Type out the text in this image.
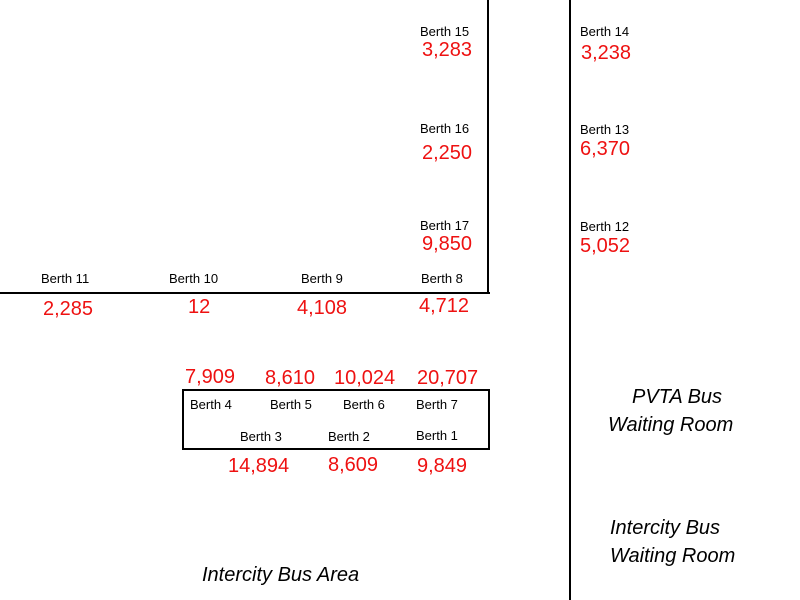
Berth 15
3,283
Berth 16
2,250
Berth 17
9,850
Berth 14
3,238
Berth 13
6,370
Berth 12
5,052
Berth 11
2,285
Berth 10
12
Berth 9
4,108
Berth 8
4,712
7,909 8,610 10,024 20,707
Berth 4	Berth 5 Berth 6 Berth 7
Berth 3	Berth 2	Berth 1
14,894 8,609 9,849
PVTA Bus
Waiting Room
Intercity Bus
Waiting Room
Intercity Bus Area
